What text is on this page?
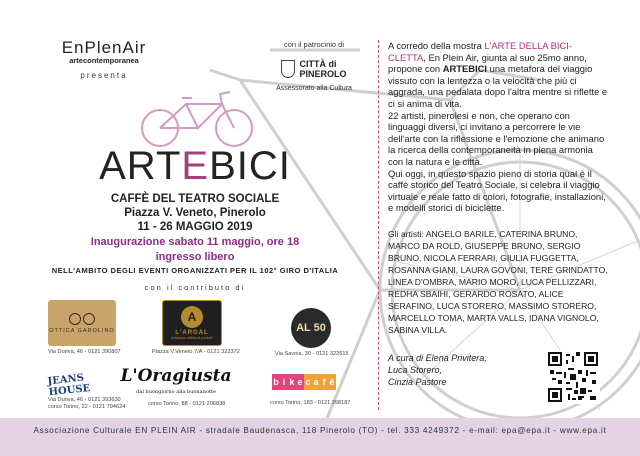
EnPlenAir
artecontemporanea
presenta
con il patrocinio di
CITTÀ di
PINEROLO
Assessorato alla Cultura
ARTEBICI
CAFFÈ DEL TEATRO SOCIALE
Piazza V. Veneto, Pinerolo
11 - 26 MAGGIO 2019
Inaugurazione sabato 11 maggio, ore 18
ingresso libero
NELL'AMBITO DEGLI EVENTI ORGANIZZATI PER IL 102° GIRO D'ITALIA
con il contributo di
OTTICA GAROLINO
Via Duriva, 46 - 0121 390807
A
L'ARGAL
selezione ottima di prodotti
Piazza V.Veneto 7/A - 0121 322372
AL 50
Via Savoia, 30 - 0121 322615
JEANS HOUSE
Via Duriva, 46 - 0121 393630
corso Torino, 22 - 0121 794624
L'Oragiusta
dal buongiorno alla buonanotte
corso Torino, 88 - 0121 206838
b i k e c a f è
corso Torino, 183 - 0121 398187

A corredo della mostra L'ARTE DELLA BICI-CLETTA, En Plein Air, giunta al suo 25mo anno, propone con ARTEBICI una metafora del viaggio vissuto con la lentezza o la velocità che più ci aggrada, una pedalata dopo l'altra mentre si riflette e ci si anima di vita.

22 artisti, pinerolesi e non, che operano con linguaggi diversi, ci invitano a percorrere le vie dell'arte con la riflessione e l'emozione che animano la ricerca della contemporaneità in piena armonia con la natura e le città.

Qui oggi, in questo spazio pieno di storia qual è il caffè storico del Teatro Sociale, si celebra il viaggio virtuale e reale fatto di colori, fotografie, installazioni, e modelli storici di biciclette.

Gli artisti: ANGELO BARILE, CATERINA BRUNO, MARCO DA ROLD, GIUSEPPE BRUNO, SERGIO BRUNO, NICOLA FERRARI, GIULIA FUGGETTA, ROSANNA GIANI, LAURA GOVONI, TERE GRINDATTO, LINEA D'OMBRA, MARIO MORO, LUCA PELLIZZARI, REDHA SBAIHI, GERARDO ROSATO, ALICE SERAFINO, LUCA STORERO, MASSIMO STORERO, MARCELLO TOMA, MARTA VALLS, IDANA VIGNOLO, SABINA VILLA.
A cura di Elena Privitera,
Luca Storero,
Cinzia Pastore
Associazione Culturale EN PLEIN AIR - stradale Baudenasca, 118 Pinerolo (TO) - tel. 333 4249372 - e-mail: epa@epa.it - www.epa.it
